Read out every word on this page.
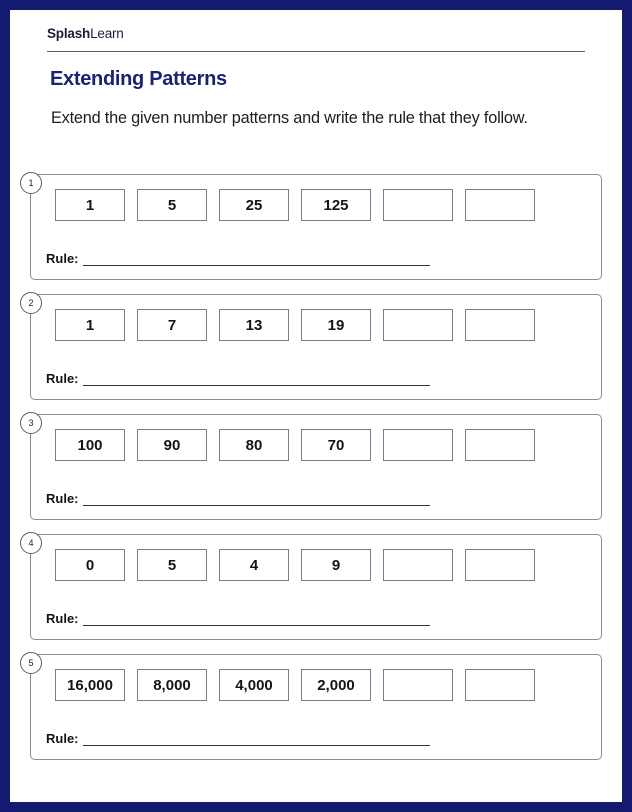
SplashLearn
Extending Patterns
Extend the given number patterns and write the rule that they follow.
1
1	5	25	125
Rule:
2
1	7	13	19
Rule:
3
100	90	80	70
Rule:
4
0	5	4	9
Rule:
5
16,000	8,000	4,000	2,000
Rule:
